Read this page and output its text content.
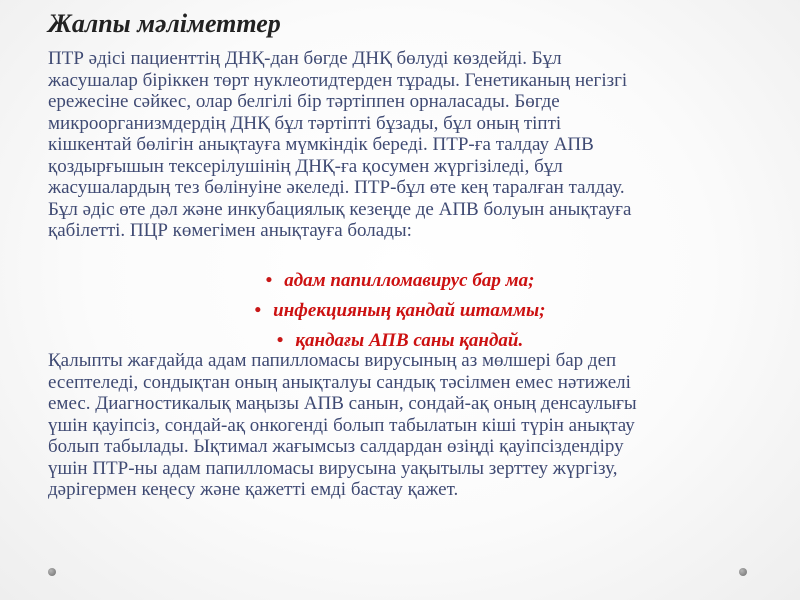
Жалпы мәліметтер
ПТР әдісі пациенттің ДНҚ-дан бөгде ДНҚ бөлуді көздейді. Бұл
жасушалар біріккен төрт нуклеотидтерден тұрады. Генетиканың негізгі
ережесіне сәйкес, олар белгілі бір тәртіппен орналасады. Бөгде
микроорганизмдердің ДНҚ бұл тәртіпті бұзады, бұл оның тіпті
кішкентай бөлігін анықтауға мүмкіндік береді. ПТР-ға талдау АПВ
қоздырғышын тексерілушінің ДНҚ-ға қосумен жүргізіледі, бұл
жасушалардың тез бөлінуіне әкеледі. ПТР-бұл өте кең таралған талдау.
Бұл әдіс өте дәл және инкубациялық кезеңде де АПВ болуын анықтауға
қабілетті. ПЦР көмегімен анықтауға болады:
• адам папилломавирус бар ма;
• инфекцияның қандай штаммы;
• қандағы АПВ саны қандай.
Қалыпты жағдайда адам папилломасы вирусының аз мөлшері бар деп
есептеледі, сондықтан оның анықталуы сандық тәсілмен емес нәтижелі
емес. Диагностикалық маңызы АПВ санын, сондай-ақ оның денсаулығы
үшін қауіпсіз, сондай-ақ онкогенді болып табылатын кіші түрін анықтау
болып табылады. Ықтимал жағымсыз салдардан өзіңді қауіпсіздендіру
үшін ПТР-ны адам папилломасы вирусына уақытылы зерттеу жүргізу,
дәрігермен кеңесу және қажетті емді бастау қажет.
